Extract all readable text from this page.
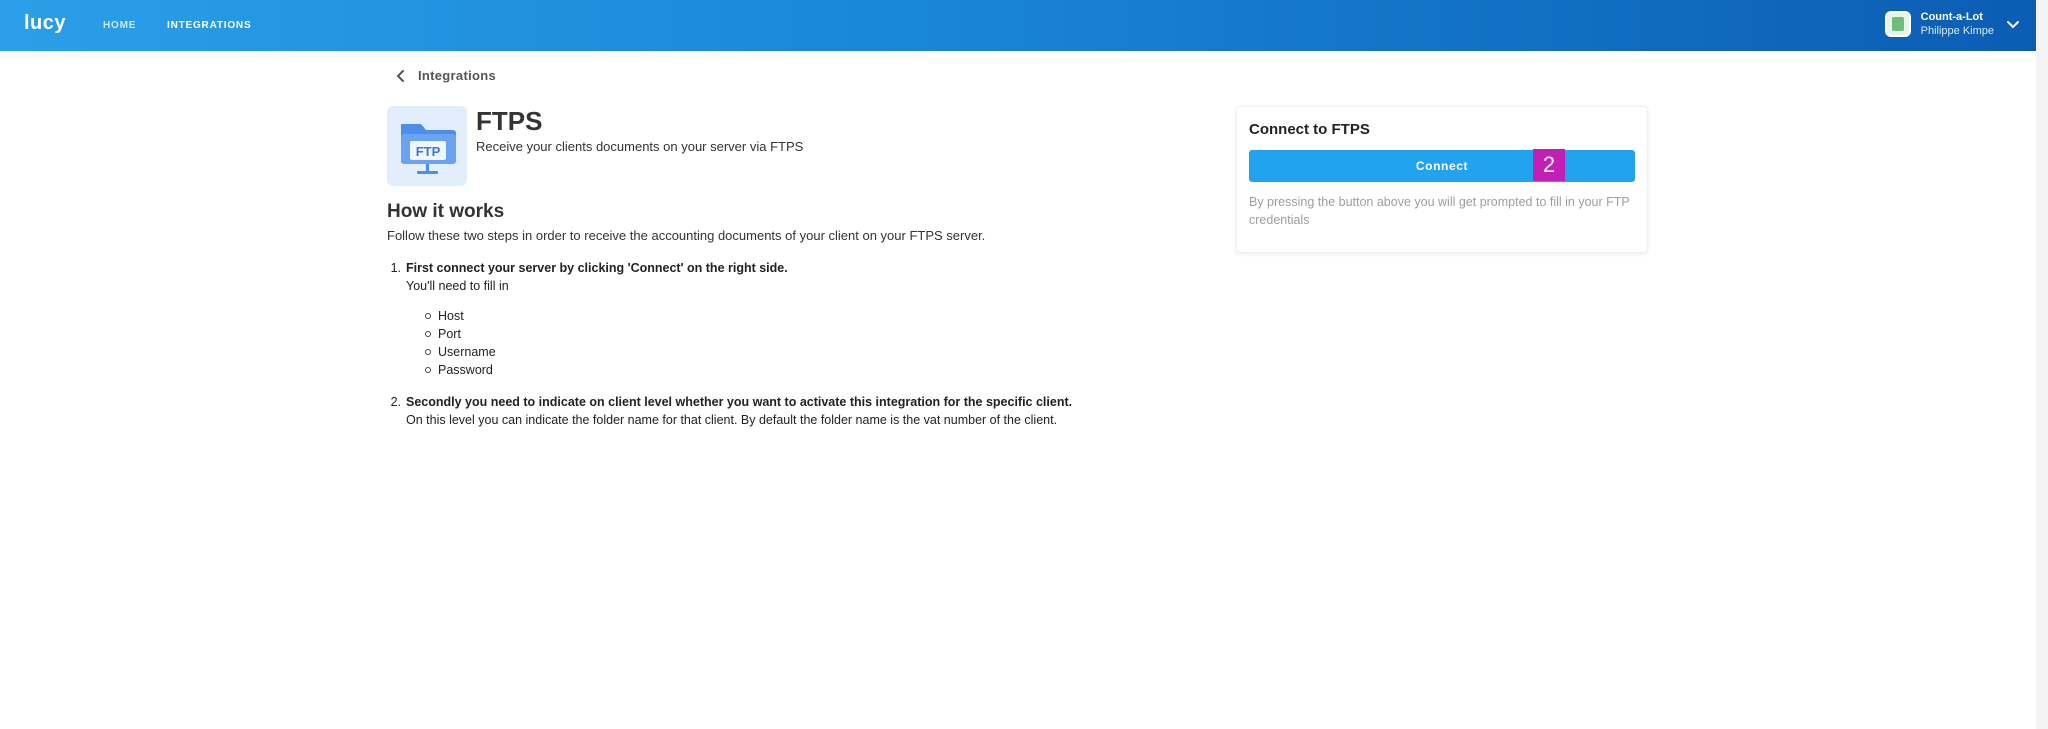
lucy	HOME	INTEGRATIONS
Count-a-Lot
Philippe Kimpe
Integrations
FTP
FTPS
Receive your clients documents on your server via FTPS
How it works
Follow these two steps in order to receive the accounting documents of your client on your FTPS server.
1. First connect your server by clicking 'Connect' on the right side.
You'll need to fill in
Host
Port
Username
Password
2. Secondly you need to indicate on client level whether you want to activate this integration for the specific client.
On this level you can indicate the folder name for that client. By default the folder name is the vat number of the client.
Connect to FTPS
Connect	2
By pressing the button above you will get prompted to fill in your FTP credentials
